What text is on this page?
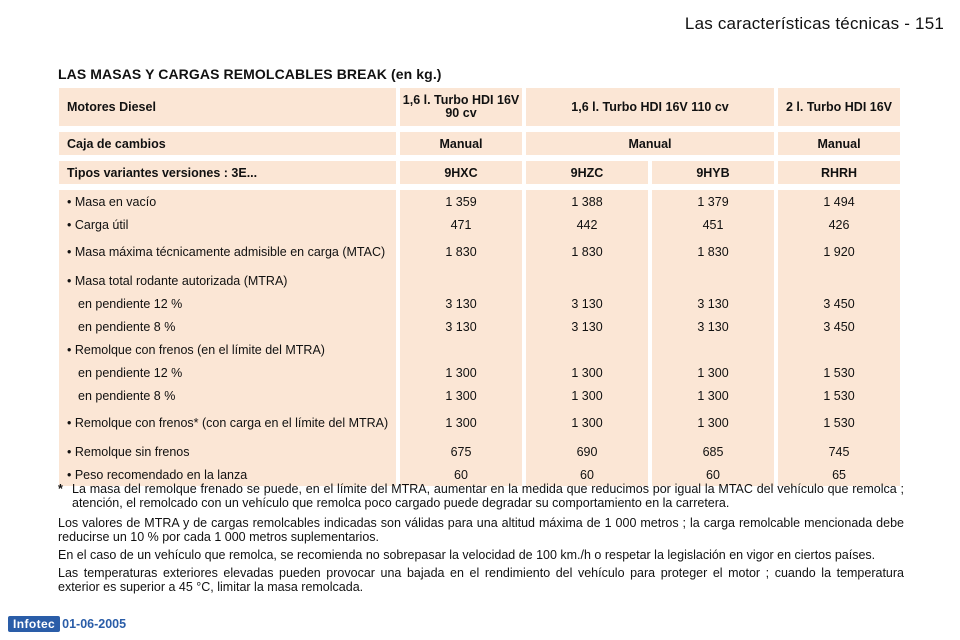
Las características técnicas - 151
LAS MASAS Y CARGAS REMOLCABLES BREAK (en kg.)
Motores Diesel	1,6 l. Turbo HDI 16V 90 cv	1,6 l. Turbo HDI 16V 110 cv		2 l. Turbo HDI 16V

Caja de cambios	Manual	Manual		Manual

Tipos variantes versiones : 3E...	9HXC	9HZC	9HYB	RHRH

• Masa en vacío	1 359	1 388	1 379	1 494
• Carga útil	471	442	451	426

• Masa máxima técnicamente admisible en carga (MTAC)	1 830	1 830	1 830	1 920
• Masa total rodante autorizada (MTRA)				
en pendiente 12 %	3 130	3 130	3 130	3 450
en pendiente 8 %	3 130	3 130	3 130	3 450
• Remolque con frenos (en el límite del MTRA)				
en pendiente 12 %	1 300	1 300	1 300	1 530
en pendiente 8 %	1 300	1 300	1 300	1 530

• Remolque con frenos* (con carga en el límite del MTRA)	1 300	1 300	1 300	1 530
• Remolque sin frenos	675	690	685	745
• Peso recomendado en la lanza	60	60	60	65
* La masa del remolque frenado se puede, en el límite del MTRA, aumentar en la medida que reducimos por igual la MTAC del vehículo que remolca ; atención, el remolcado con un vehículo que remolca poco cargado puede degradar su comportamiento en la carretera.

Los valores de MTRA y de cargas remolcables indicadas son válidas para una altitud máxima de 1 000 metros ; la carga remolcable mencionada debe reducirse un 10 % por cada 1 000 metros suplementarios.

En el caso de un vehículo que remolca, se recomienda no sobrepasar la velocidad de 100 km./h o respetar la legislación en vigor en ciertos países.

Las temperaturas exteriores elevadas pueden provocar una bajada en el rendimiento del vehículo para proteger el motor ; cuando la temperatura exterior es superior a 45 °C, limitar la masa remolcada.

Infotec 01-06-2005
